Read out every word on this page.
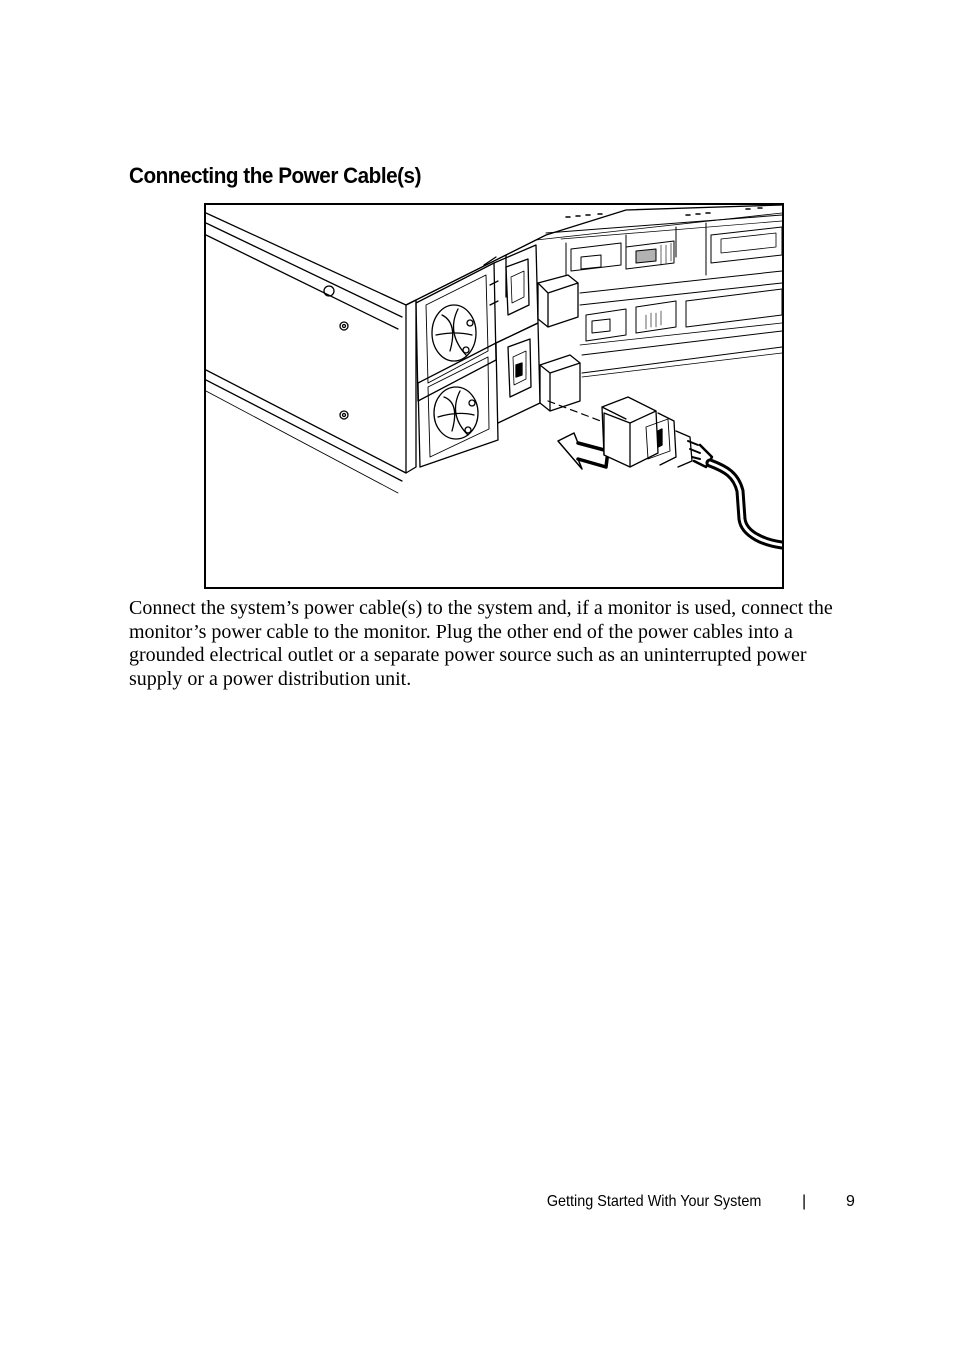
Connecting the Power Cable(s)

Connect the system’s power cable(s) to the system and, if a monitor is used, connect the monitor’s power cable to the monitor. Plug the other end of the power cables into a grounded electrical outlet or a separate power source such as an uninterrupted power supply or a power distribution unit.

Getting Started With Your System	| 9
